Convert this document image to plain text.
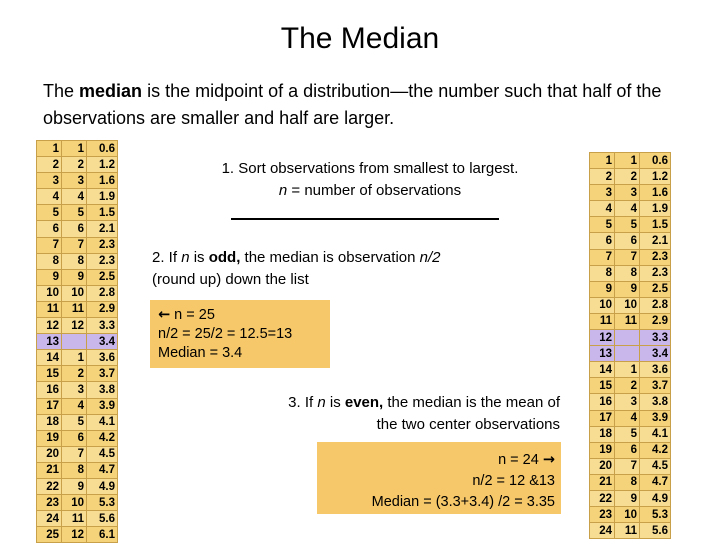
The Median
The median is the midpoint of a distribution—the number such that half of the observations are smaller and half are larger.
1	1	0.6
2	2	1.2
3	3	1.6
4	4	1.9
5	5	1.5
6	6	2.1
7	7	2.3
8	8	2.3
9	9	2.5
10	10	2.8
11	11	2.9
12	12	3.3
13		3.4
14	1	3.6
15	2	3.7
16	3	3.8
17	4	3.9
18	5	4.1
19	6	4.2
20	7	4.5
21	8	4.7
22	9	4.9
23	10	5.3
24	11	5.6
25	12	6.1
1	1	0.6
2	2	1.2
3	3	1.6
4	4	1.9
5	5	1.5
6	6	2.1
7	7	2.3
8	8	2.3
9	9	2.5
10	10	2.8
11	11	2.9
12		3.3
13		3.4
14	1	3.6
15	2	3.7
16	3	3.8
17	4	3.9
18	5	4.1
19	6	4.2
20	7	4.5
21	8	4.7
22	9	4.9
23	10	5.3
24	11	5.6
1. Sort observations from smallest to largest.
n = number of observations
2. If n is odd, the median is observation n/2 (round up) down the list
← n = 25
n/2 = 25/2 = 12.5=13
Median = 3.4
3. If n is even, the median is the mean of the two center observations
n = 24 →
n/2 = 12 &13
Median = (3.3+3.4) /2 = 3.35
